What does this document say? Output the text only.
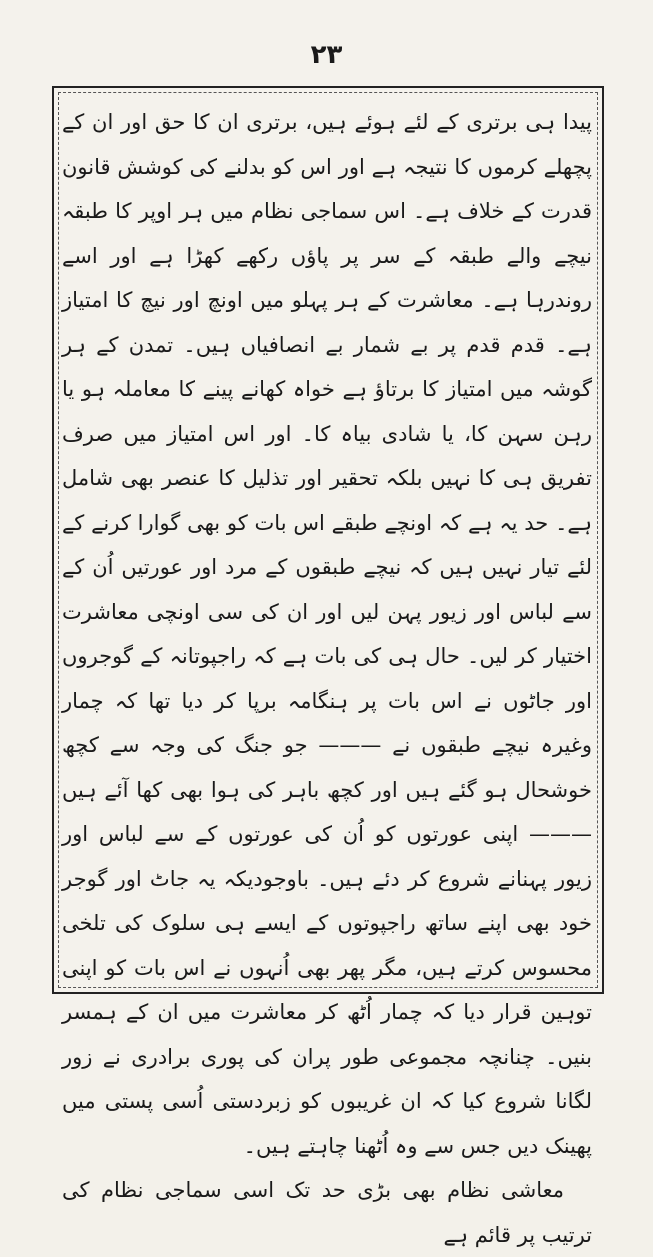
۲۳

پیدا ہی برتری کے لئے ہوئے ہیں، برتری ان کا حق اور ان کے پچھلے کرموں کا نتیجہ ہے اور اس کو بدلنے کی کوشش قانون قدرت کے خلاف ہے۔ اس سماجی نظام میں ہر اوپر کا طبقہ نیچے والے طبقہ کے سر پر پاؤں رکھے کھڑا ہے اور اسے روندرہا ہے۔ معاشرت کے ہر پہلو میں اونچ اور نیچ کا امتیاز ہے۔ قدم قدم پر بے شمار بے انصافیاں ہیں۔ تمدن کے ہر گوشہ میں امتیاز کا برتاؤ ہے خواہ کھانے پینے کا معاملہ ہو یا رہن سہن کا، یا شادی بیاہ کا۔ اور اس امتیاز میں صرف تفریق ہی کا نہیں بلکہ تحقیر اور تذلیل کا عنصر بھی شامل ہے۔ حد یہ ہے کہ اونچے طبقے اس بات کو بھی گوارا کرنے کے لئے تیار نہیں ہیں کہ نیچے طبقوں کے مرد اور عورتیں اُن کے سے لباس اور زیور پہن لیں اور ان کی سی اونچی معاشرت اختیار کر لیں۔ حال ہی کی بات ہے کہ راجپوتانہ کے گوجروں اور جاٹوں نے اس بات پر ہنگامہ برپا کر دیا تھا کہ چمار وغیرہ نیچے طبقوں نے ——— جو جنگ کی وجہ سے کچھ خوشحال ہو گئے ہیں اور کچھ باہر کی ہوا بھی کھا آئے ہیں ——— اپنی عورتوں کو اُن کی عورتوں کے سے لباس اور زیور پہنانے شروع کر دئے ہیں۔ باوجودیکہ یہ جاٹ اور گوجر خود بھی اپنے ساتھ راجپوتوں کے ایسے ہی سلوک کی تلخی محسوس کرتے ہیں، مگر پھر بھی اُنہوں نے اس بات کو اپنی توہین قرار دیا کہ چمار اُٹھ کر معاشرت میں ان کے ہمسر بنیں۔ چنانچہ مجموعی طور پران کی پوری برادری نے زور لگانا شروع کیا کہ ان غریبوں کو زبردستی اُسی پستی میں پھینک دیں جس سے وہ اُٹھنا چاہتے ہیں۔

معاشی نظام بھی بڑی حد تک اسی سماجی نظام کی ترتیب پر قائم ہے
